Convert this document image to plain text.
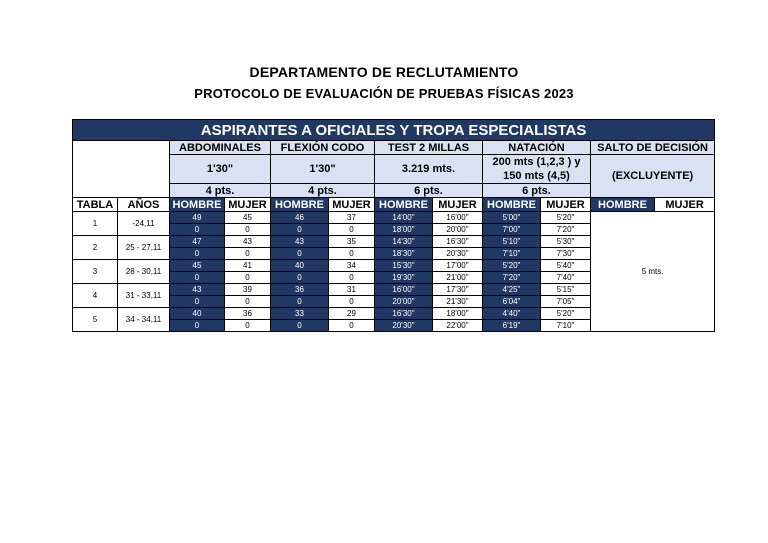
DEPARTAMENTO DE RECLUTAMIENTO
PROTOCOLO DE EVALUACIÓN DE PRUEBAS FÍSICAS 2023
ASPIRANTES A OFICIALES Y TROPA ESPECIALISTAS											
		ABDOMINALES		FLEXIÓN CODO		TEST 2 MILLAS		NATACIÓN		SALTO DE DECISIÓN	
		1'30"		1'30"		3.219 mts.		200 mts (1,2,3 ) y 150 mts (4,5)		(EXCLUYENTE)	
		4 pts.		4 pts.		6 pts.		6 pts.			
TABLA	AÑOS	HOMBRE	MUJER	HOMBRE	MUJER	HOMBRE	MUJER	HOMBRE	MUJER	HOMBRE	MUJER
1	-24,11	49	45	46	37	14'00"	16'00"	5'00"	5'20"	5 mts.	
		0	0	0	0	18'00"	20'00"	7'00"	7'20"		
2	25 - 27,11	47	43	43	35	14'30"	16'30"	5'10"	5'30"		
		0	0	0	0	18'30"	20'30"	7'10"	7'30"		
3	28 - 30,11	45	41	40	34	15'30"	17'00"	5'20"	5'40"		
		0	0	0	0	19'30"	21'00"	7'20"	7'40"		
4	31 - 33,11	43	39	36	31	16'00"	17'30"	4'25"	5'15"		
		0	0	0	0	20'00"	21'30"	6'04"	7'05"		
5	34 - 34,11	40	36	33	29	16'30"	18'00"	4'40"	5'20"		
		0	0	0	0	20'30"	22'00"	6'19"	7'10"		
